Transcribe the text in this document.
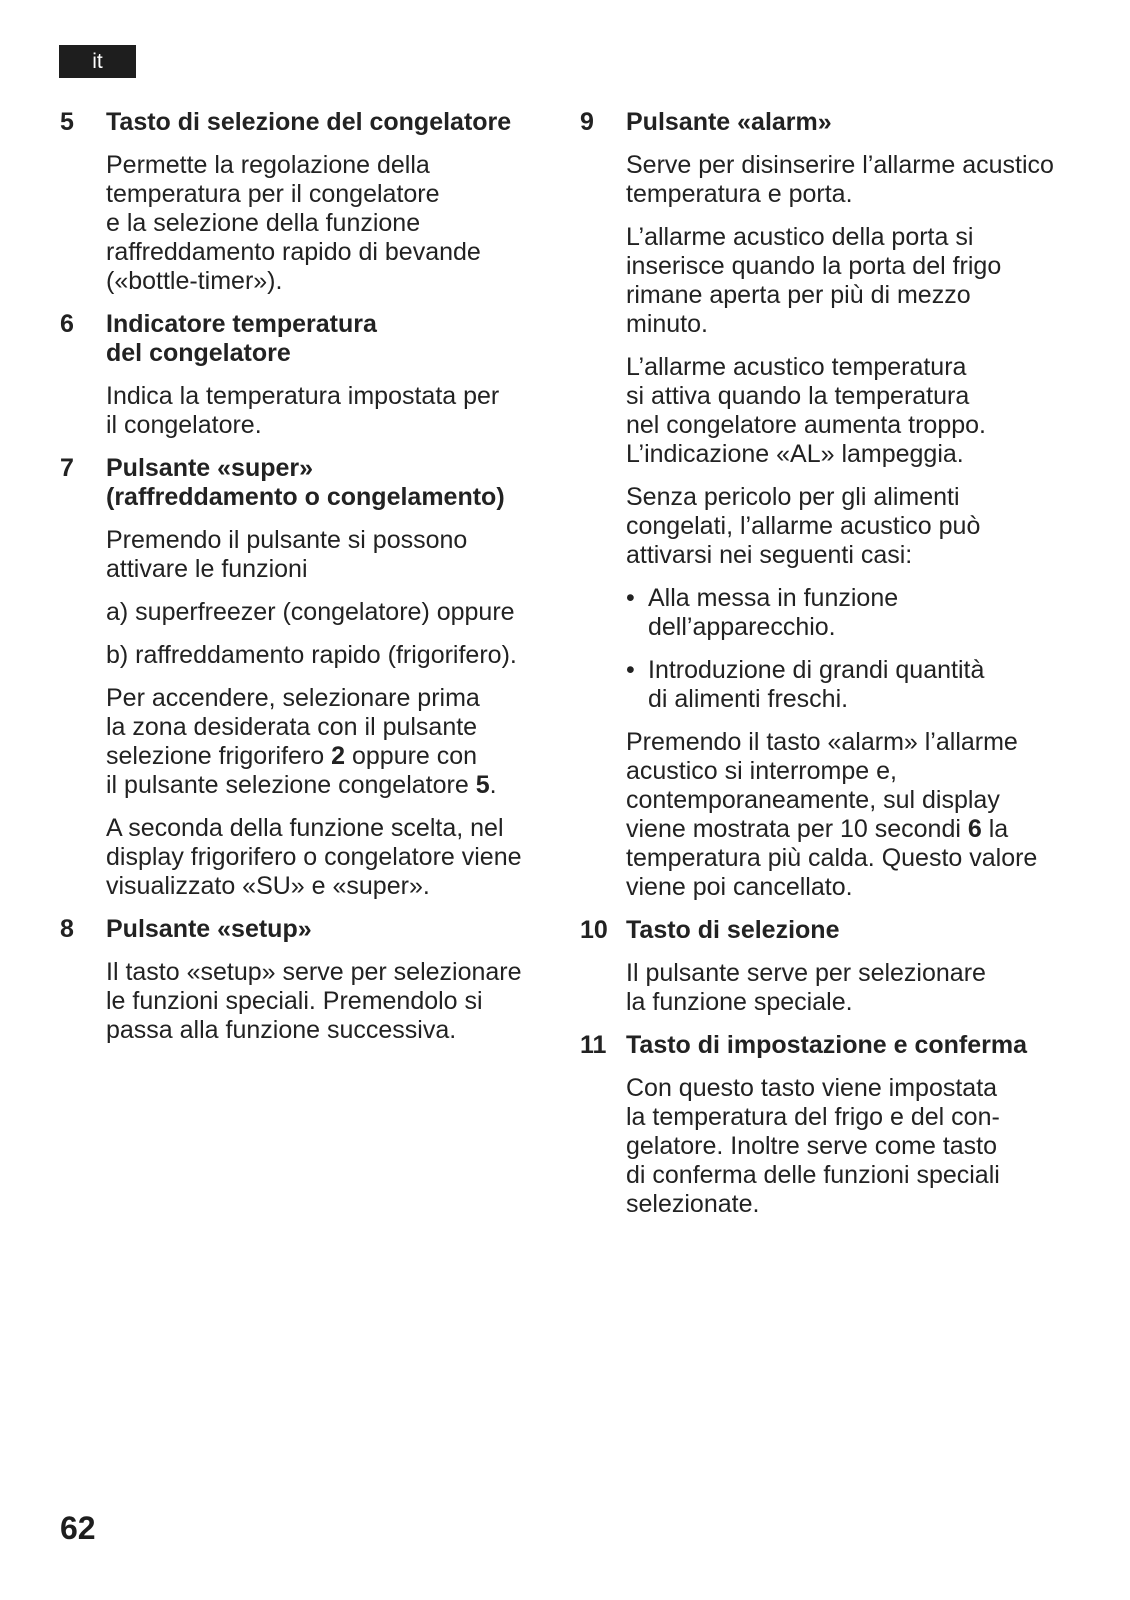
it
5	Tasto di selezione del congelatore
Permette la regolazione della
temperatura per il congelatore
e la selezione della funzione
raffreddamento rapido di bevande
(«bottle-timer»).
6	Indicatore temperatura
del congelatore
Indica la temperatura impostata per
il congelatore.
7	Pulsante «super»
(raffreddamento o congelamento)
Premendo il pulsante si possono
attivare le funzioni
a) superfreezer (congelatore) oppure
b) raffreddamento rapido (frigorifero).
Per accendere, selezionare prima
la zona desiderata con il pulsante
selezione frigorifero 2 oppure con
il pulsante selezione congelatore 5.
A seconda della funzione scelta, nel
display frigorifero o congelatore viene
visualizzato «SU» e «super».
8	Pulsante «setup»
Il tasto «setup» serve per selezionare
le funzioni speciali. Premendolo si
passa alla funzione successiva.
9	Pulsante «alarm»
Serve per disinserire l’allarme acustico
temperatura e porta.
L’allarme acustico della porta si
inserisce quando la porta del frigo
rimane aperta per più di mezzo
minuto.
L’allarme acustico temperatura
si attiva quando la temperatura
nel congelatore aumenta troppo.
L’indicazione «AL» lampeggia.
Senza pericolo per gli alimenti
congelati, l’allarme acustico può
attivarsi nei seguenti casi:
• Alla messa in funzione
dell’apparecchio.
• Introduzione di grandi quantità
di alimenti freschi.
Premendo il tasto «alarm» l’allarme
acustico si interrompe e,
contemporaneamente, sul display
viene mostrata per 10 secondi 6 la
temperatura più calda. Questo valore
viene poi cancellato.
10 Tasto di selezione
Il pulsante serve per selezionare
la funzione speciale.
11 Tasto di impostazione e conferma
Con questo tasto viene impostata
la temperatura del frigo e del con-
gelatore. Inoltre serve come tasto
di conferma delle funzioni speciali
selezionate.
62
